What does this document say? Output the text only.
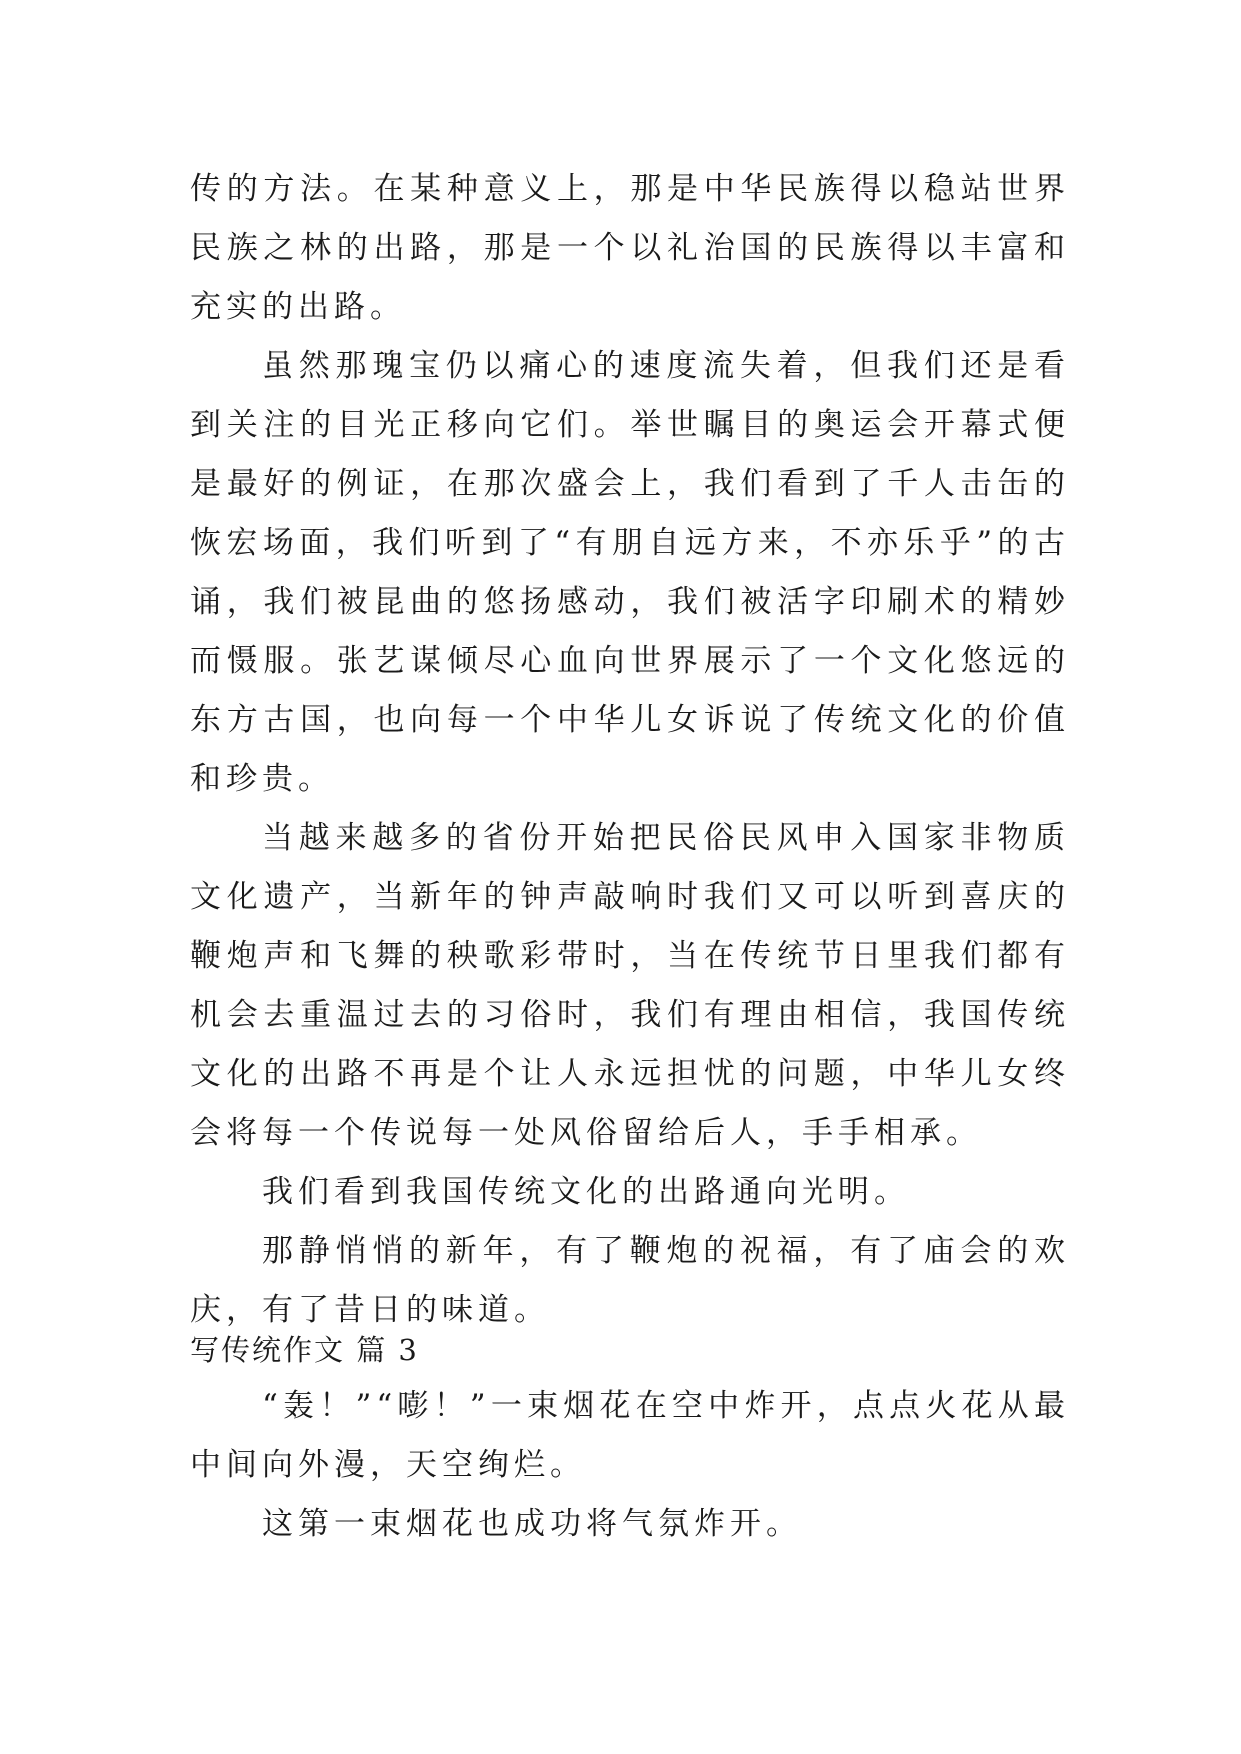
传的方法。在某种意义上，那是中华民族得以稳站世界民族之林的出路，那是一个以礼治国的民族得以丰富和充实的出路。

虽然那瑰宝仍以痛心的速度流失着，但我们还是看到关注的目光正移向它们。举世瞩目的奥运会开幕式便是最好的例证，在那次盛会上，我们看到了千人击缶的恢宏场面，我们听到了“有朋自远方来，不亦乐乎”的古诵，我们被昆曲的悠扬感动，我们被活字印刷术的精妙而慑服。张艺谋倾尽心血向世界展示了一个文化悠远的东方古国，也向每一个中华儿女诉说了传统文化的价值和珍贵。

当越来越多的省份开始把民俗民风申入国家非物质文化遗产，当新年的钟声敲响时我们又可以听到喜庆的鞭炮声和飞舞的秧歌彩带时，当在传统节日里我们都有机会去重温过去的习俗时，我们有理由相信，我国传统文化的出路不再是个让人永远担忧的问题，中华儿女终会将每一个传说每一处风俗留给后人，手手相承。

我们看到我国传统文化的出路通向光明。

那静悄悄的新年，有了鞭炮的祝福，有了庙会的欢庆，有了昔日的味道。

写传统作文 篇 3

“轰！”“嘭！”一束烟花在空中炸开，点点火花从最中间向外漫，天空绚烂。

这第一束烟花也成功将气氛炸开。
